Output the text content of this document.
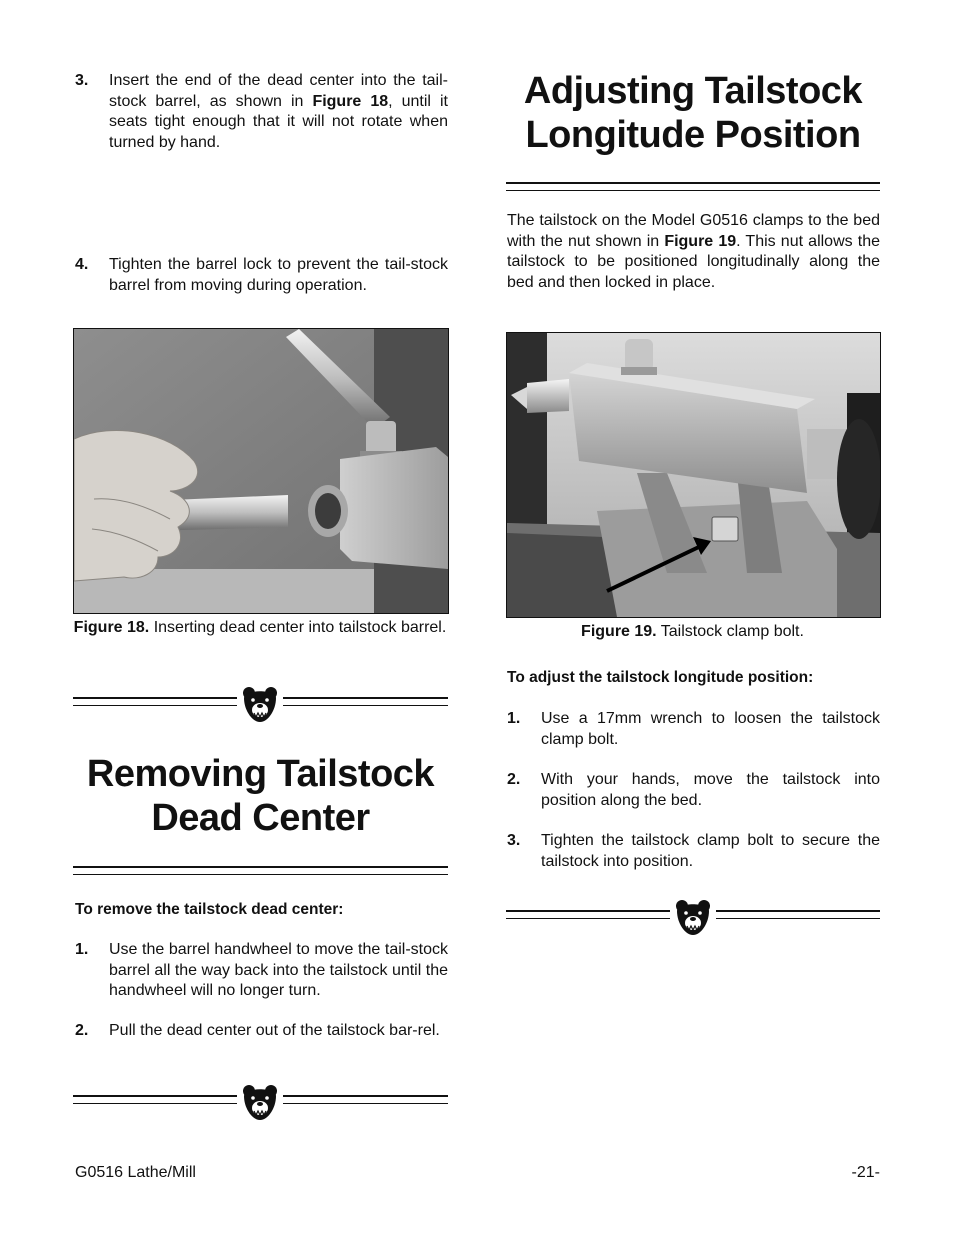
3. Insert the end of the dead center into the tail-stock barrel, as shown in Figure 18, until it seats tight enough that it will not rotate when turned by hand.
4. Tighten the barrel lock to prevent the tail-stock barrel from moving during operation.
Figure 18. Inserting dead center into tailstock barrel.
Removing Tailstock
Dead Center
To remove the tailstock dead center:
1. Use the barrel handwheel to move the tail-stock barrel all the way back into the tailstock until the handwheel will no longer turn.
2. Pull the dead center out of the tailstock bar-rel.
Adjusting Tailstock
Longitude Position
The tailstock on the Model G0516 clamps to the bed with the nut shown in Figure 19. This nut allows the tailstock to be positioned longitudinally along the bed and then locked in place.
Figure 19. Tailstock clamp bolt.
To adjust the tailstock longitude position:
1. Use a 17mm wrench to loosen the tailstock clamp bolt.
2. With your hands, move the tailstock into position along the bed.
3. Tighten the tailstock clamp bolt to secure the tailstock into position.
G0516 Lathe/Mill	-21-
